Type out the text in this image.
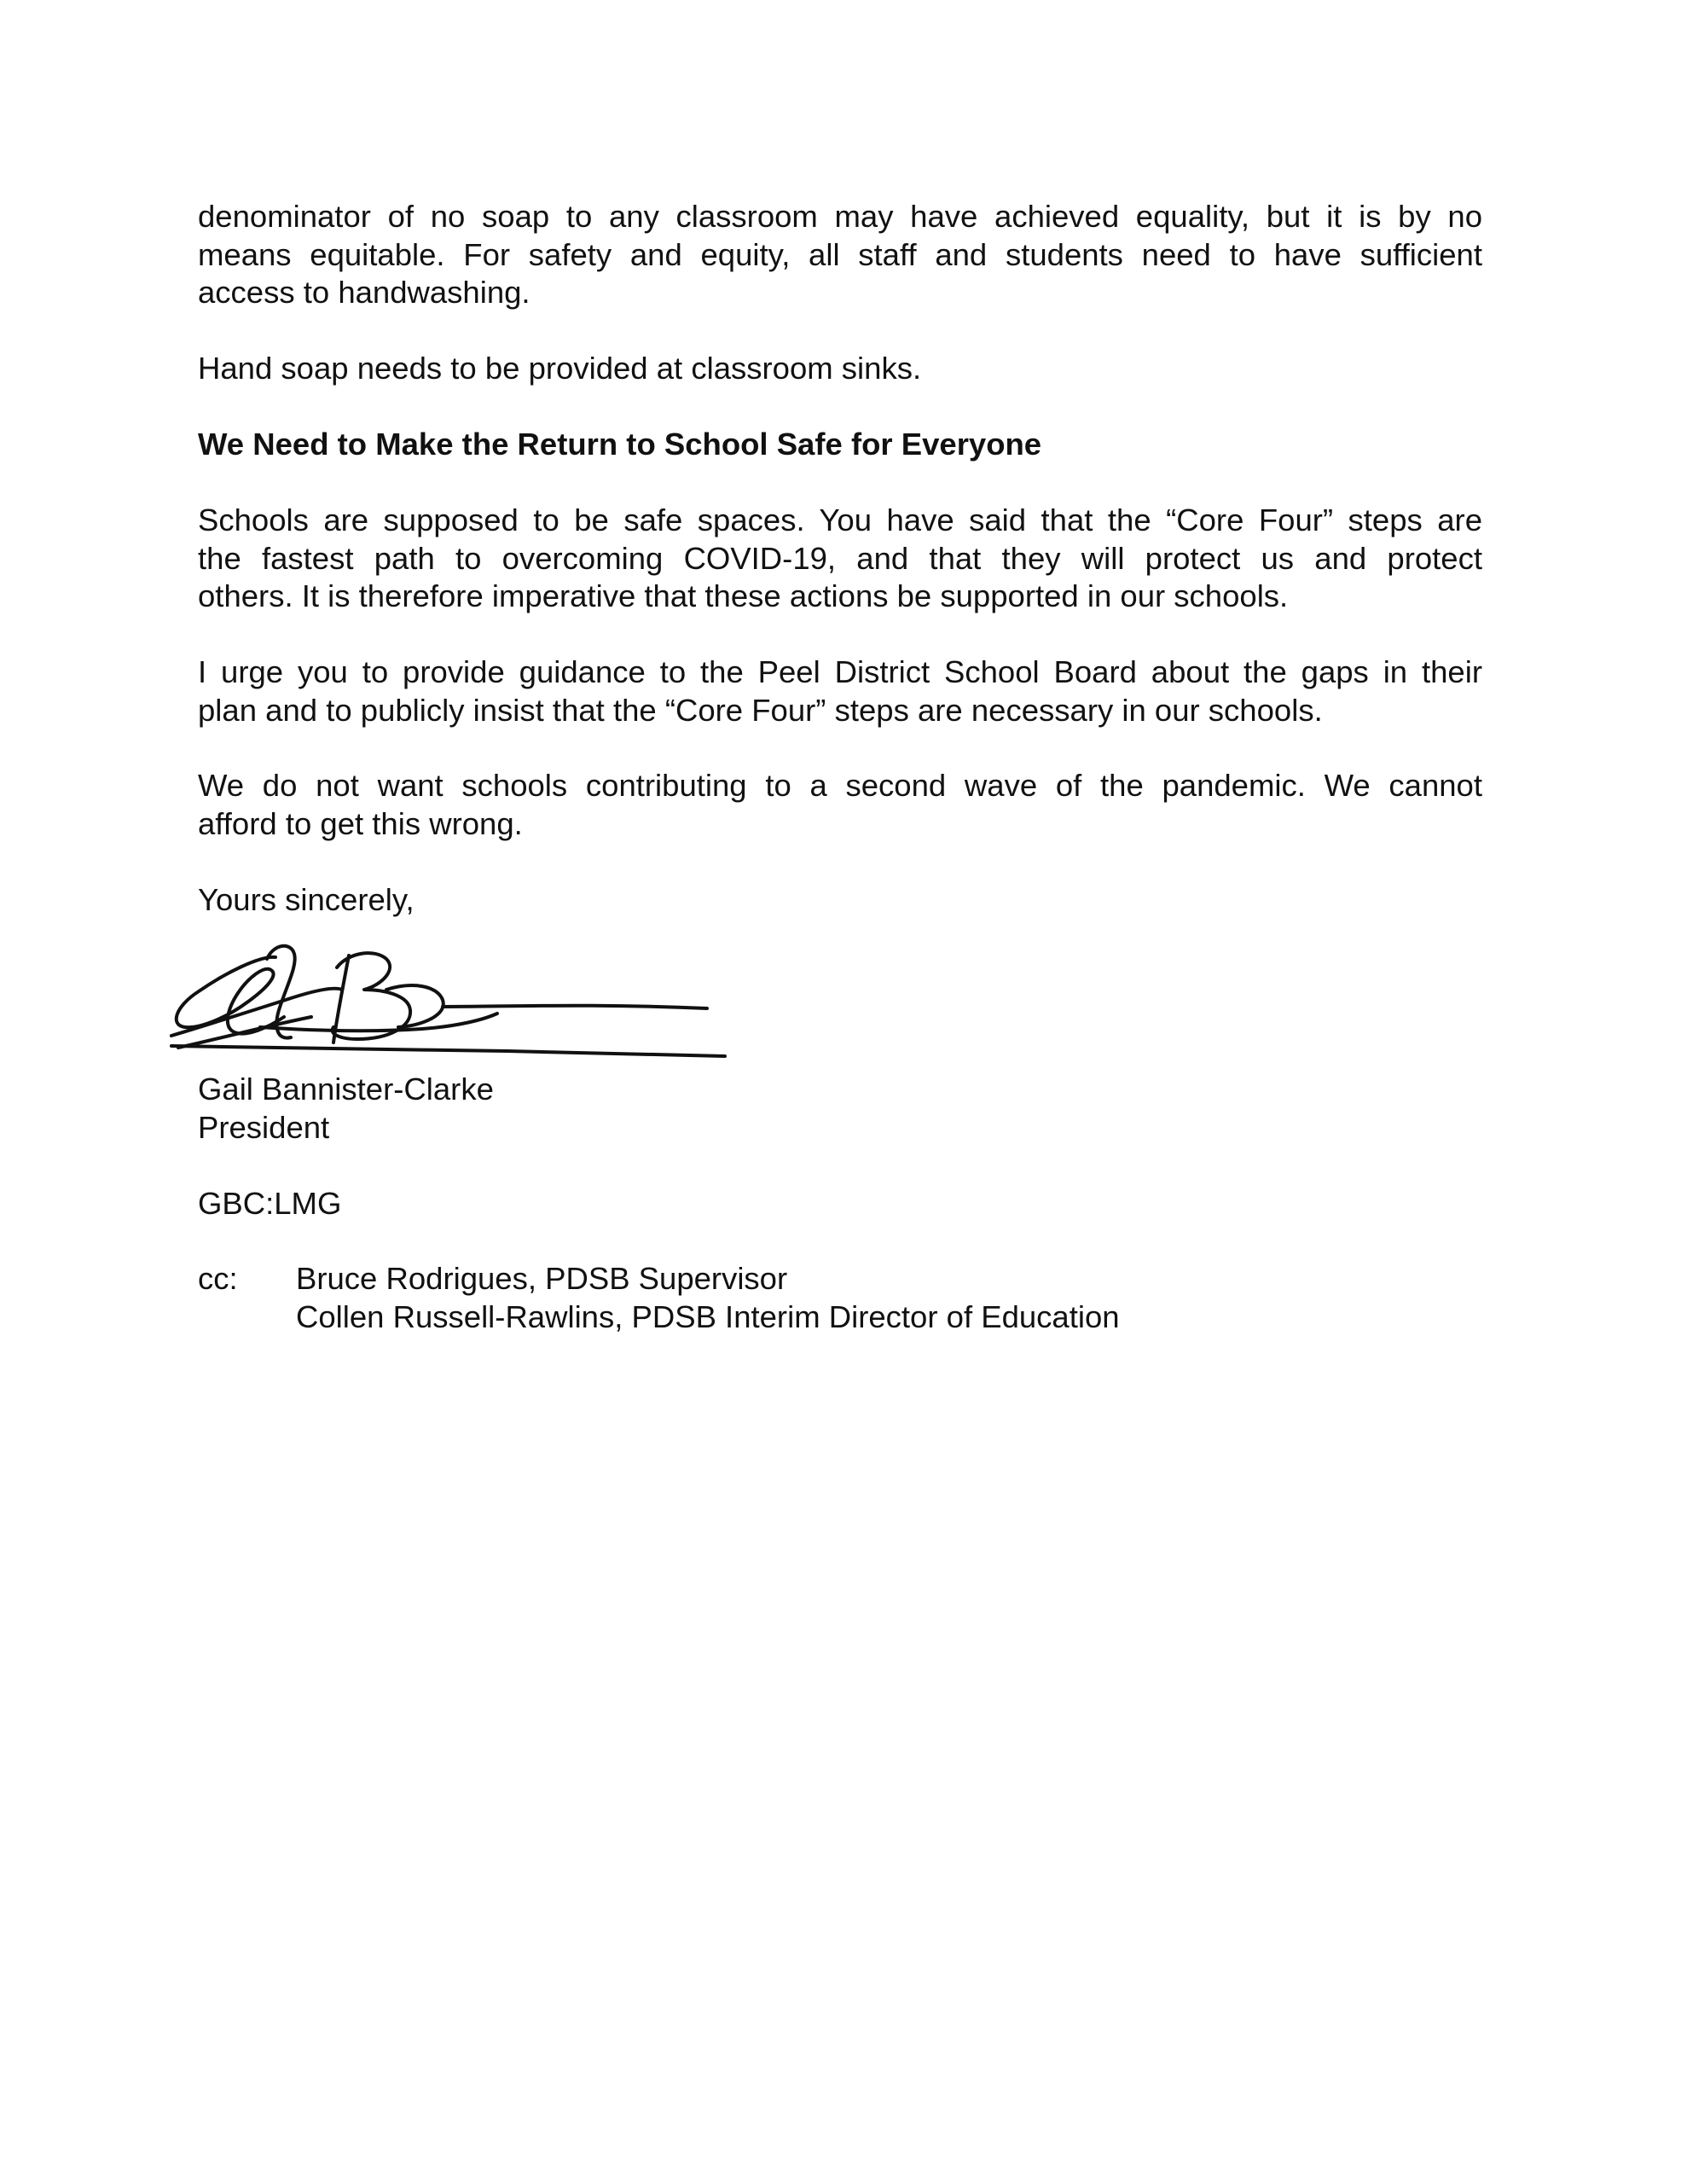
denominator of no soap to any classroom may have achieved equality, but it is by no
means equitable. For safety and equity, all staff and students need to have sufficient
access to handwashing.
Hand soap needs to be provided at classroom sinks.
We Need to Make the Return to School Safe for Everyone
Schools are supposed to be safe spaces. You have said that the “Core Four” steps are
the fastest path to overcoming COVID-19, and that they will protect us and protect
others. It is therefore imperative that these actions be supported in our schools.
I urge you to provide guidance to the Peel District School Board about the gaps in their
plan and to publicly insist that the “Core Four” steps are necessary in our schools.
We do not want schools contributing to a second wave of the pandemic. We cannot
afford to get this wrong.
Yours sincerely,
Gail Bannister-Clarke
President
GBC:LMG
cc: Bruce Rodrigues, PDSB Supervisor
Collen Russell-Rawlins, PDSB Interim Director of Education
